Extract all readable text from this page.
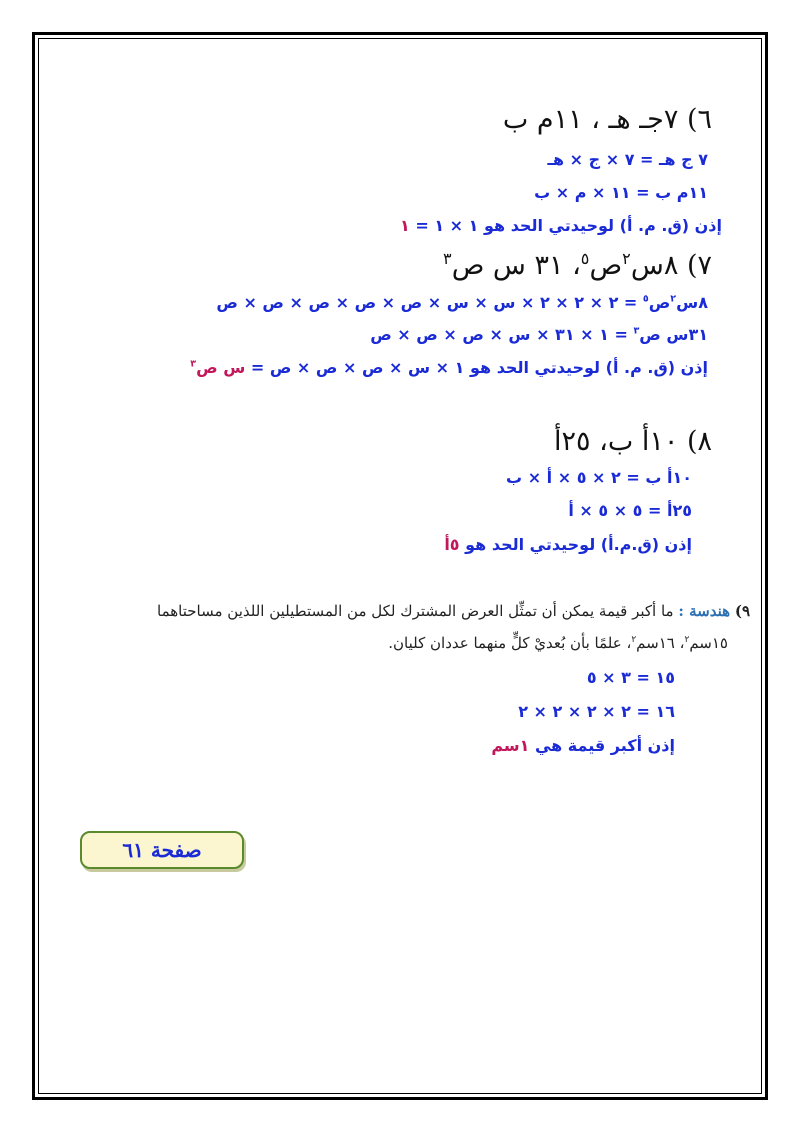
٦) ٧جـ هـ ، ١١م ب
٧ ج هـ = ٧ × ج × هـ
١١م ب = ١١ × م × ب
إذن (ق. م. أ) لوحيدتي الحد هو ١ × ١ = ١
٧) ٨س$^٢$ص$^٥$، ٣١ س ص$^٣$
٨س$^٢$ص$^٥$ = ٢ × ٢ × ٢ × س × س × ص × ص × ص × ص × ص
٣١س ص$^٣$ = ١ × ٣١ × س × ص × ص × ص
إذن (ق. م. أ) لوحيدتي الحد هو ١ × س × ص × ص × ص = س ص$^٣$
٨) ١٠أ ب، ٢٥أ
١٠أ ب = ٢ × ٥ × أ × ب
٢٥أ = ٥ × ٥ × أ
إذن (ق.م.أ) لوحيدتي الحد هو ٥أ
٩) هندسة : ما أكبر قيمة يمكن أن تمثِّل العرض المشترك لكل من المستطيلين اللذين مساحتاهما
١٥سم$^٢$، ١٦سم$^٢$، علمًا بأن بُعديْ كلٍّ منهما عددان كليان.
١٥ = ٣ × ٥
١٦ = ٢ × ٢ × ٢ × ٢
إذن أكبر قيمة هي ١سم
صفحة ٦١
